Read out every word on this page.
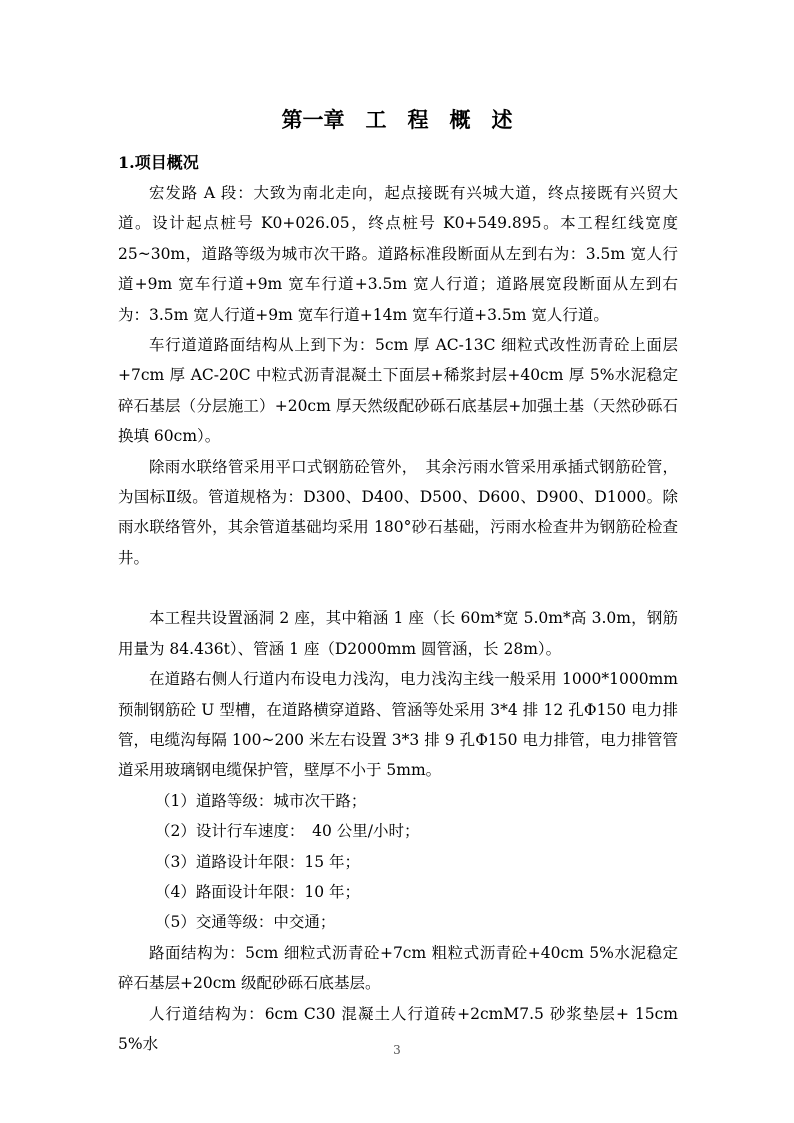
第一章　工　程　概　述
1.项目概况

宏发路 A 段：大致为南北走向，起点接既有兴城大道，终点接既有兴贸大道。设计起点桩号 K0+026.05，终点桩号 K0+549.895。本工程红线宽度 25~30m，道路等级为城市次干路。道路标准段断面从左到右为：3.5m 宽人行道+9m 宽车行道+9m 宽车行道+3.5m 宽人行道；道路展宽段断面从左到右为：3.5m 宽人行道+9m 宽车行道+14m 宽车行道+3.5m 宽人行道。

车行道道路面结构从上到下为：5cm 厚 AC-13C 细粒式改性沥青砼上面层+7cm 厚 AC-20C 中粒式沥青混凝土下面层+稀浆封层+40cm 厚 5%水泥稳定碎石基层（分层施工）+20cm 厚天然级配砂砾石底基层+加强土基（天然砂砾石换填 60cm）。

除雨水联络管采用平口式钢筋砼管外，　其余污雨水管采用承插式钢筋砼管，为国标Ⅱ级。管道规格为：D300、D400、D500、D600、D900、D1000。除雨水联络管外，其余管道基础均采用 180°砂石基础，污雨水检查井为钢筋砼检查井。

本工程共设置涵洞 2 座，其中箱涵 1 座（长 60m*宽 5.0m*高 3.0m，钢筋用量为 84.436t）、管涵 1 座（D2000mm 圆管涵，长 28m）。

在道路右侧人行道内布设电力浅沟，电力浅沟主线一般采用 1000*1000mm 预制钢筋砼 U 型槽，在道路横穿道路、管涵等处采用 3*4 排 12 孔Φ150 电力排管，电缆沟每隔 100~200 米左右设置 3*3 排 9 孔Φ150 电力排管，电力排管管道采用玻璃钢电缆保护管，壁厚不小于 5mm。

（1）道路等级：城市次干路；

（2）设计行车速度：　40 公里/小时；

（3）道路设计年限：15 年；

（4）路面设计年限：10 年；

（5）交通等级：中交通；

路面结构为：5cm 细粒式沥青砼+7cm 粗粒式沥青砼+40cm 5%水泥稳定碎石基层+20cm 级配砂砾石底基层。

人行道结构为：6cm C30 混凝土人行道砖+2cmM7.5 砂浆垫层+ 15cm 5%水	3
